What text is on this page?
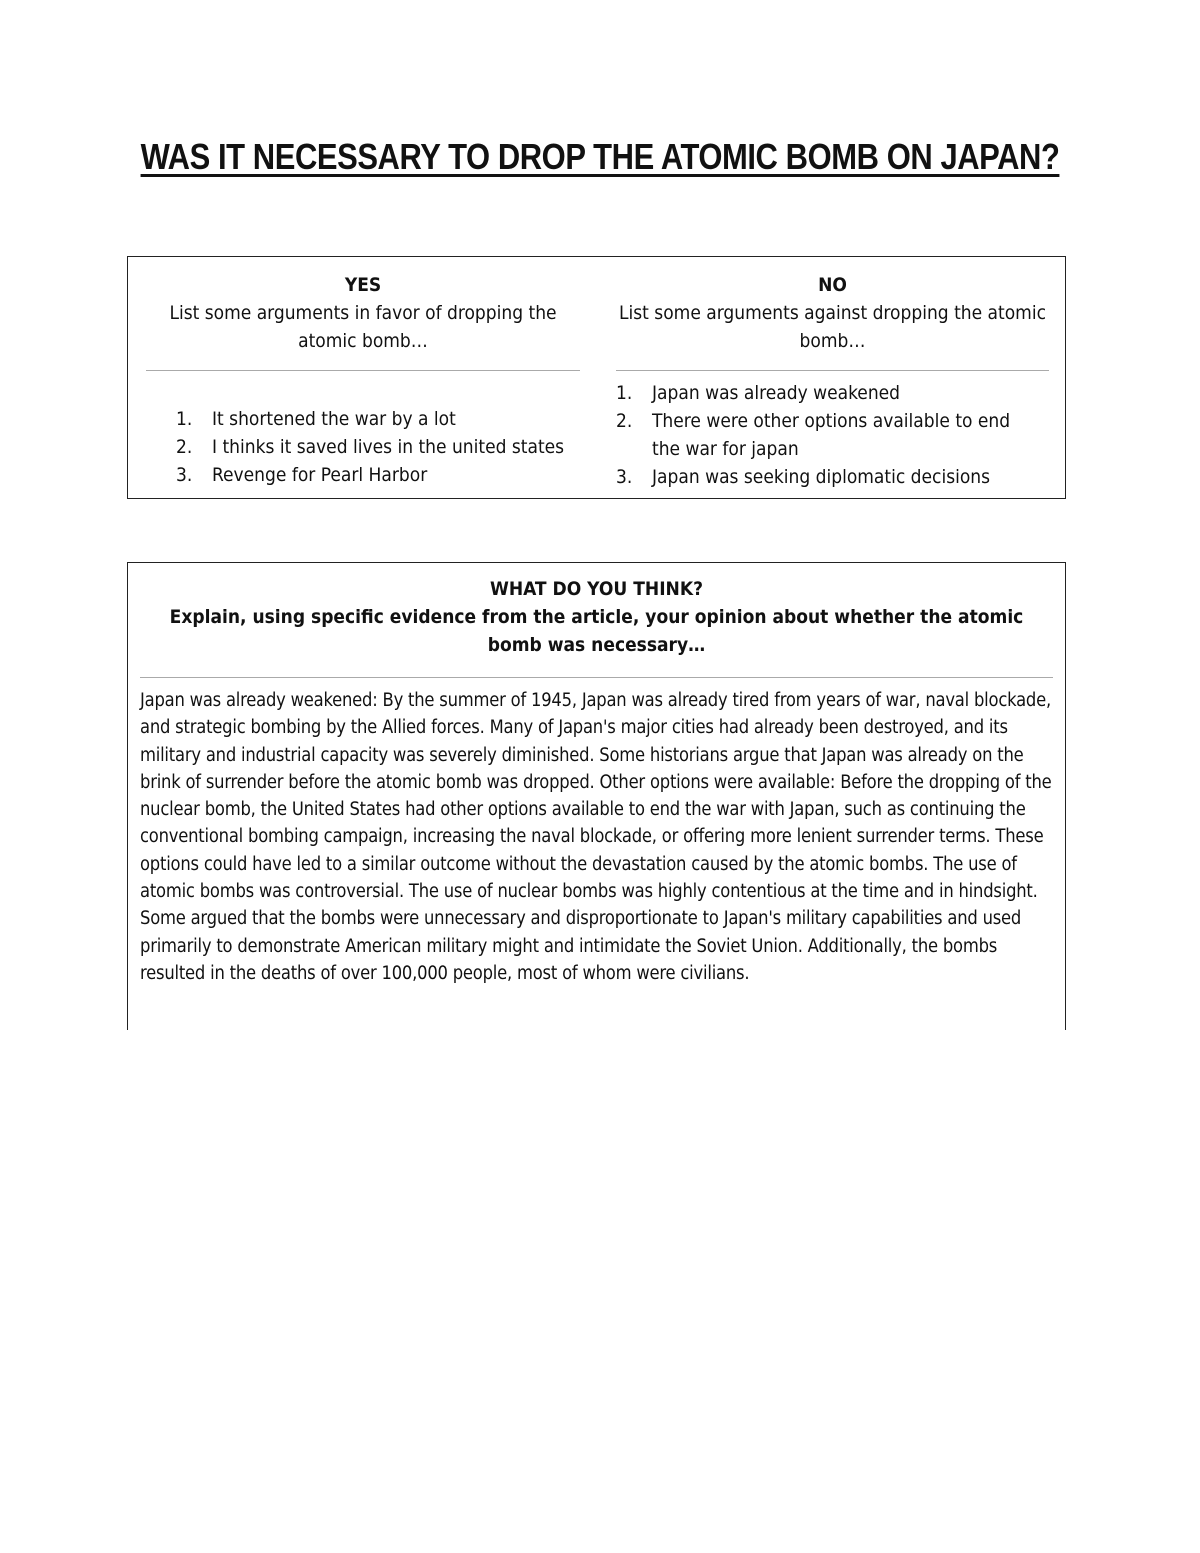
WAS IT NECESSARY TO DROP THE ATOMIC BOMB ON JAPAN?
YES
List some arguments in favor of dropping the atomic bomb…
1. It shortened the war by a lot
2. I thinks it saved lives in the united states
3. Revenge for Pearl Harbor
NO
List some arguments against dropping the atomic bomb…
1. Japan was already weakened
2. There were other options available to end the war for japan
3. Japan was seeking diplomatic decisions
WHAT DO YOU THINK?
Explain, using specific evidence from the article, your opinion about whether the atomic bomb was necessary…
Japan was already weakened: By the summer of 1945, Japan was already tired from years of war, naval blockade, and strategic bombing by the Allied forces. Many of Japan's major cities had already been destroyed, and its military and industrial capacity was severely diminished. Some historians argue that Japan was already on the brink of surrender before the atomic bomb was dropped. Other options were available: Before the dropping of the nuclear bomb, the United States had other options available to end the war with Japan, such as continuing the conventional bombing campaign, increasing the naval blockade, or offering more lenient surrender terms. These options could have led to a similar outcome without the devastation caused by the atomic bombs. The use of atomic bombs was controversial. The use of nuclear bombs was highly contentious at the time and in hindsight. Some argued that the bombs were unnecessary and disproportionate to Japan's military capabilities and used primarily to demonstrate American military might and intimidate the Soviet Union. Additionally, the bombs resulted in the deaths of over 100,000 people, most of whom were civilians.
